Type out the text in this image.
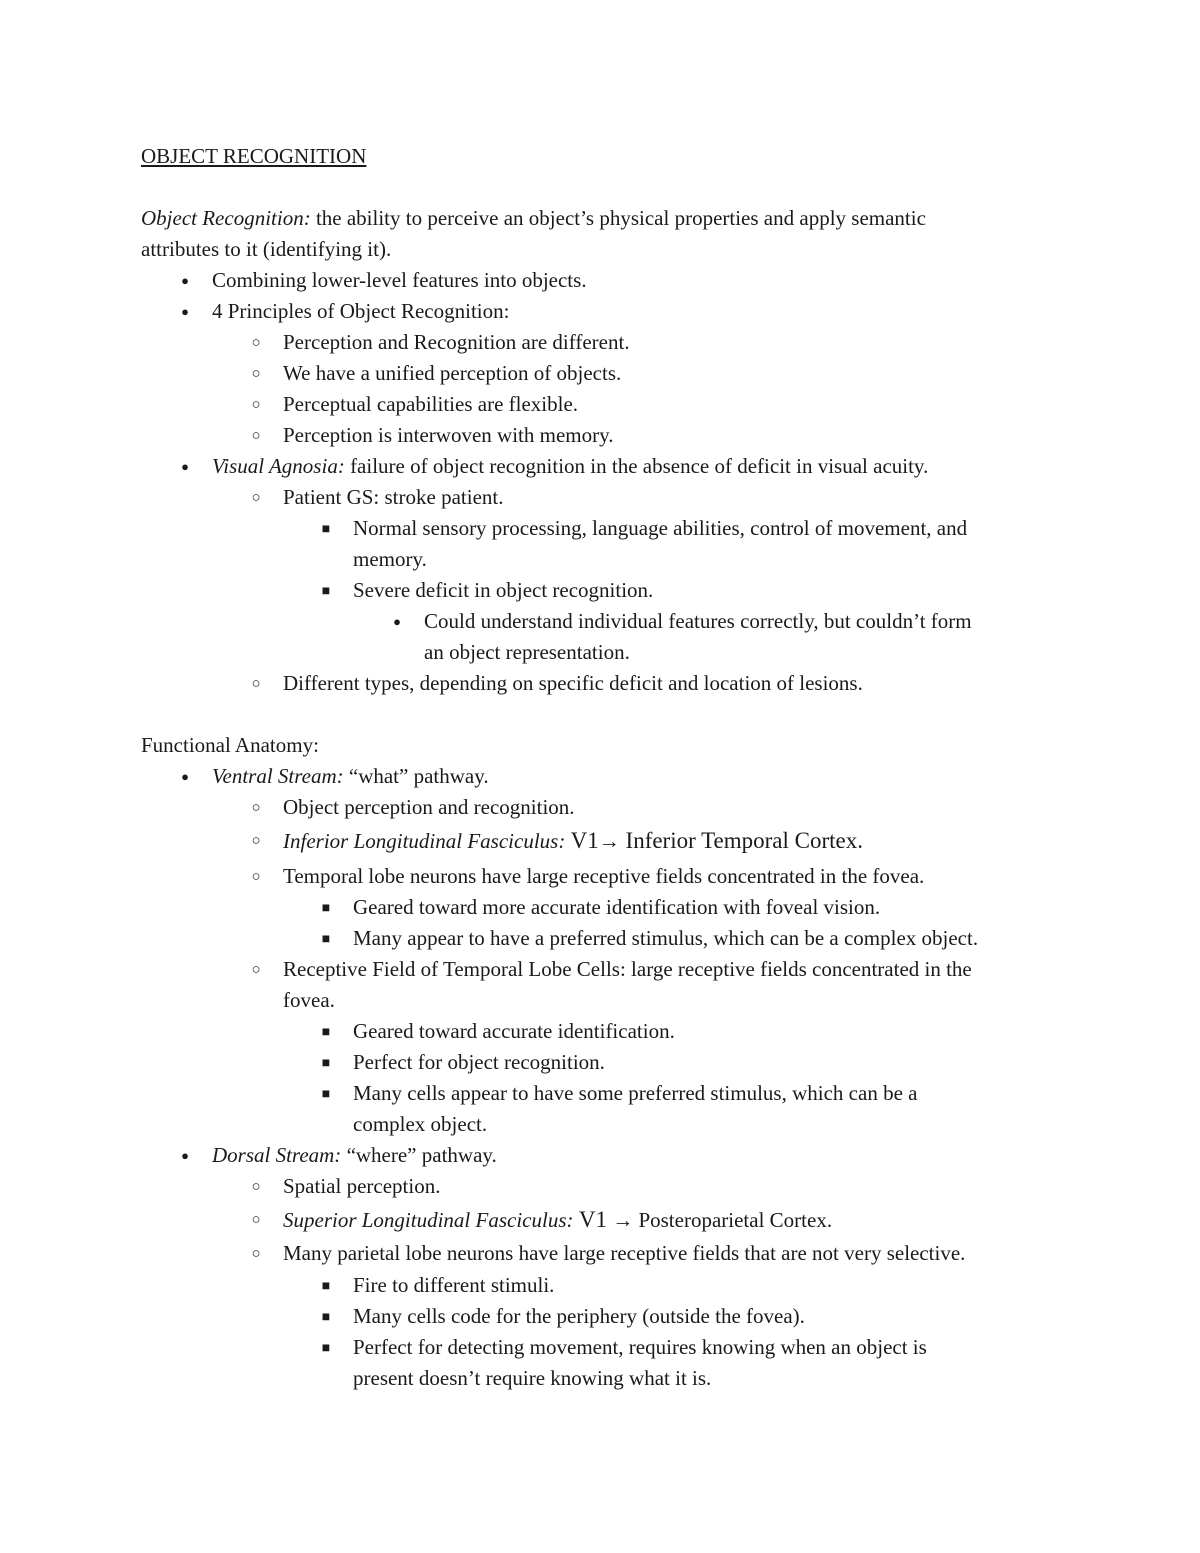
OBJECT RECOGNITION
Object Recognition: the ability to perceive an object’s physical properties and apply semantic
attributes to it (identifying it).
●
Combining lower-level features into objects.
●
4 Principles of Object Recognition:
○
Perception and Recognition are different.
○
We have a unified perception of objects.
○
Perceptual capabilities are flexible.
○
Perception is interwoven with memory.
●
Visual Agnosia: failure of object recognition in the absence of deficit in visual acuity.
○
Patient GS: stroke patient.
■
Normal sensory processing, language abilities, control of movement, and
memory.
■
Severe deficit in object recognition.
●
Could understand individual features correctly, but couldn’t form
an object representation.
○
Different types, depending on specific deficit and location of lesions.
Functional Anatomy:
●
Ventral Stream: “what” pathway.
○
Object perception and recognition.
○
Inferior Longitudinal Fasciculus: V1→ Inferior Temporal Cortex.
○
Temporal lobe neurons have large receptive fields concentrated in the fovea.
■
Geared toward more accurate identification with foveal vision.
■
Many appear to have a preferred stimulus, which can be a complex object.
○
Receptive Field of Temporal Lobe Cells: large receptive fields concentrated in the
fovea.
■
Geared toward accurate identification.
■
Perfect for object recognition.
■
Many cells appear to have some preferred stimulus, which can be a
complex object.
●
Dorsal Stream: “where” pathway.
○
Spatial perception.
○
Superior Longitudinal Fasciculus: V1 → Posteroparietal Cortex.
○
Many parietal lobe neurons have large receptive fields that are not very selective.
■
Fire to different stimuli.
■
Many cells code for the periphery (outside the fovea).
■
Perfect for detecting movement, requires knowing when an object is
present doesn’t require knowing what it is.
